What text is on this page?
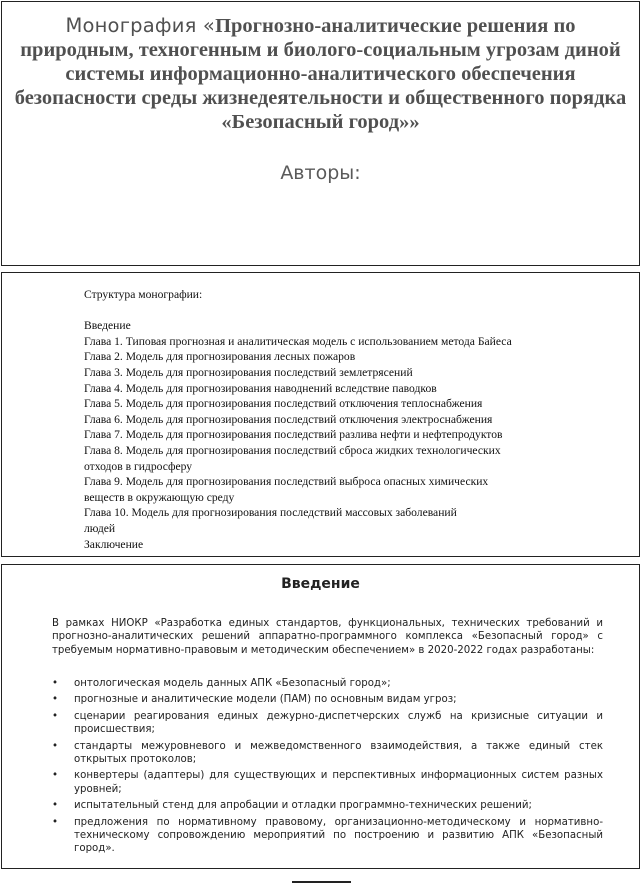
Монография «Прогнозно-аналитические решения по природным, техногенным и биолого-социальным угрозам диной системы информационно-аналитического обеспечения безопасности среды жизнедеятельности и общественного порядка «Безопасный город»»
Авторы:
Структура монографии:
Введение
Глава 1. Типовая прогнозная и аналитическая модель с использованием метода Байеса
Глава 2. Модель для прогнозирования лесных пожаров
Глава 3. Модель для прогнозирования последствий землетрясений
Глава 4. Модель для прогнозирования наводнений вследствие паводков
Глава 5. Модель для прогнозирования последствий отключения теплоснабжения
Глава 6. Модель для прогнозирования последствий отключения электроснабжения
Глава 7. Модель для прогнозирования последствий разлива нефти и нефтепродуктов
Глава 8. Модель для прогнозирования последствий сброса жидких технологических
отходов в гидросферу
Глава 9. Модель для прогнозирования последствий выброса опасных химических
веществ в окружающую среду
Глава 10. Модель для прогнозирования последствий массовых заболеваний
людей
Заключение
Введение
В рамках НИОКР «Разработка единых стандартов, функциональных, технических требований и прогнозно-аналитических решений аппаратно-программного комплекса «Безопасный город» с требуемым нормативно-правовым и методическим обеспечением» в 2020-2022 годах разработаны:
• онтологическая модель данных АПК «Безопасный город»;
• прогнозные и аналитические модели (ПАМ) по основным видам угроз;
• сценарии реагирования единых дежурно-диспетчерских служб на кризисные ситуации и происшествия;
• стандарты межуровневого и межведомственного взаимодействия, а также единый стек открытых протоколов;
• конвертеры (адаптеры) для существующих и перспективных информационных систем разных уровней;
• испытательный стенд для апробации и отладки программно-технических решений;
• предложения по нормативному правовому, организационно-методическому и нормативно-техническому сопровождению мероприятий по построению и развитию АПК «Безопасный город».
